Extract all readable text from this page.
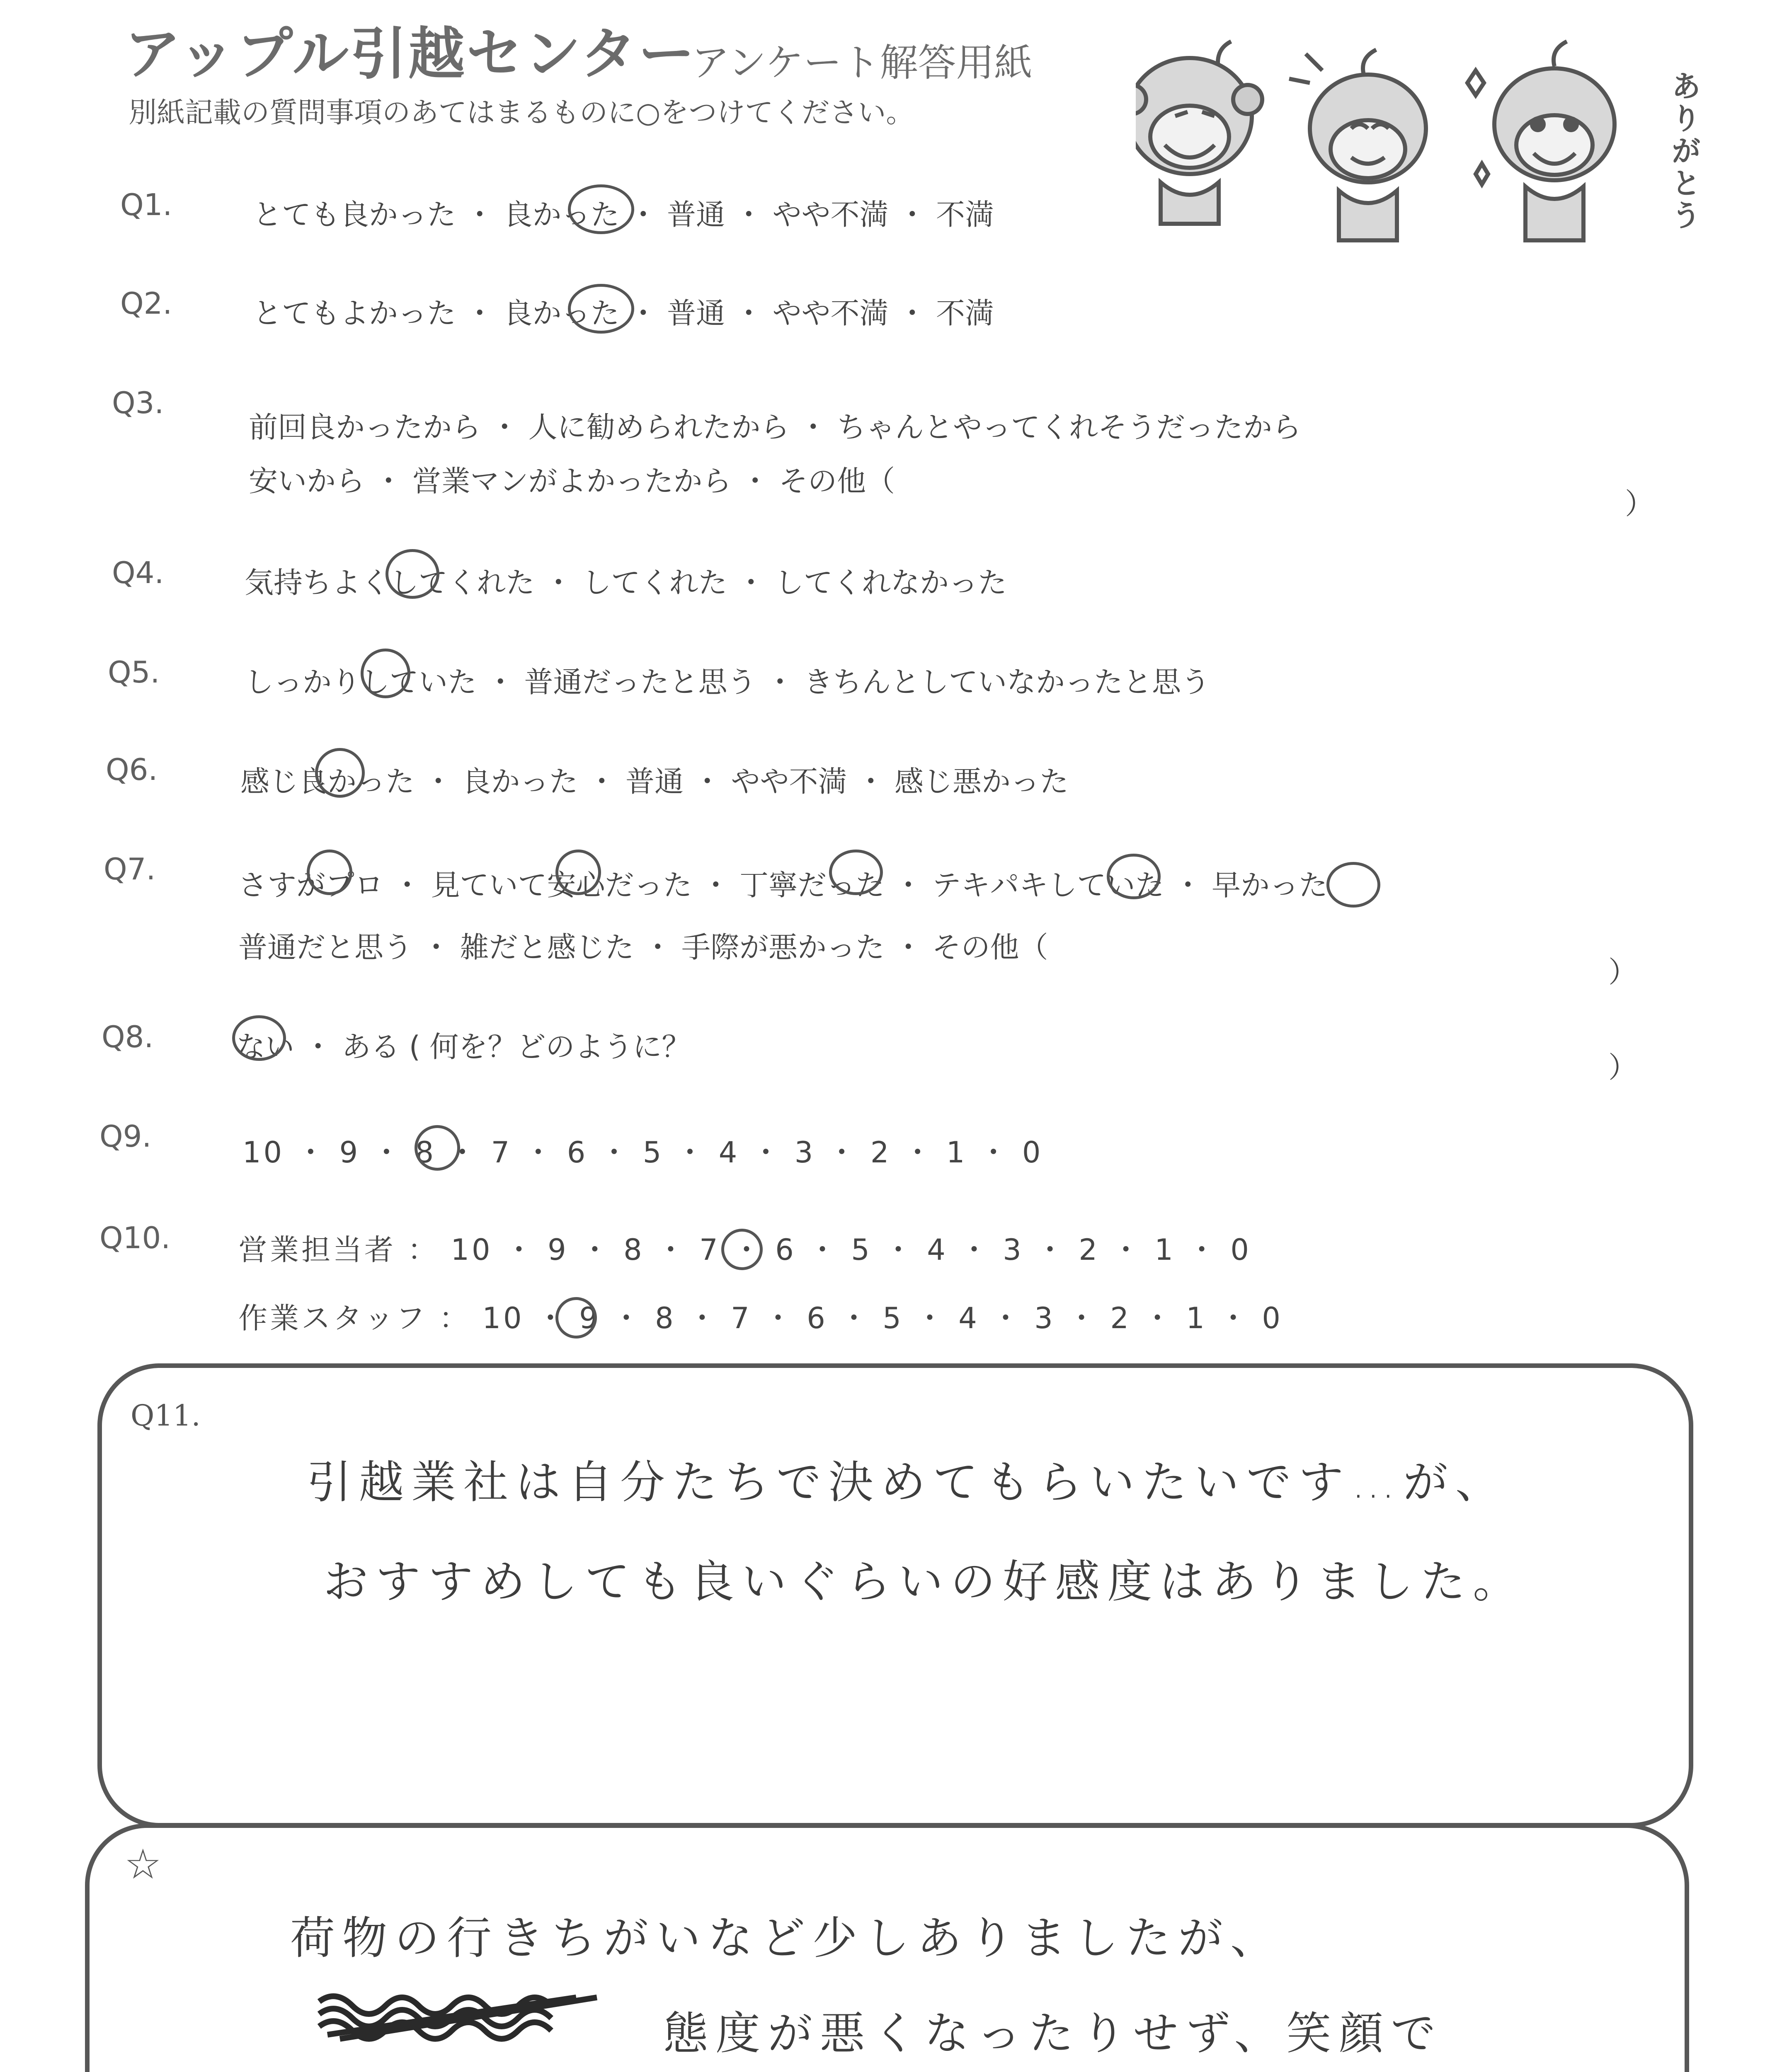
アップル引越センター
アンケート解答用紙
別紙記載の質問事項のあてはまるものに○をつけてください。	ありがとう
Q1.	とても良かった ・ 良かった ・ 普通 ・ やや不満 ・ 不満
Q2.	とてもよかった ・ 良かった ・ 普通 ・ やや不満 ・ 不満
Q3.
前回良かったから ・ 人に勧められたから ・ ちゃんとやってくれそうだったから
安いから ・ 営業マンがよかったから ・ その他（
）
Q4.	気持ちよくしてくれた ・ してくれた ・ してくれなかった
Q5.	しっかりしていた ・ 普通だったと思う ・ きちんとしていなかったと思う
Q6.	感じ良かった ・ 良かった ・ 普通 ・ やや不満 ・ 感じ悪かった
Q7.	さすがプロ ・ 見ていて安心だった ・ 丁寧だった ・ テキパキしていた ・ 早かった
普通だと思う ・ 雑だと感じた ・ 手際が悪かった ・ その他（
）
Q8.	ない ・ ある ( 何を？どのように？
）
Q9.	10 ・ 9 ・ 8 ・ 7 ・ 6 ・ 5 ・ 4 ・ 3 ・ 2 ・ 1 ・ 0
Q10. 営業担当者 ： 10 ・ 9 ・ 8 ・ 7 ・ 6 ・ 5 ・ 4 ・ 3 ・ 2 ・ 1 ・ 0
作業スタッフ ： 10 ・ 9 ・ 8 ・ 7 ・ 6 ・ 5 ・ 4 ・ 3 ・ 2 ・ 1 ・ 0
Q11.
引越業社は自分たちで決めてもらいたいです…が、
おすすめしても良いぐらいの好感度はありました。
☆
荷物の行きちがいなど少しありましたが、
態度が悪くなったりせず、笑顔で
